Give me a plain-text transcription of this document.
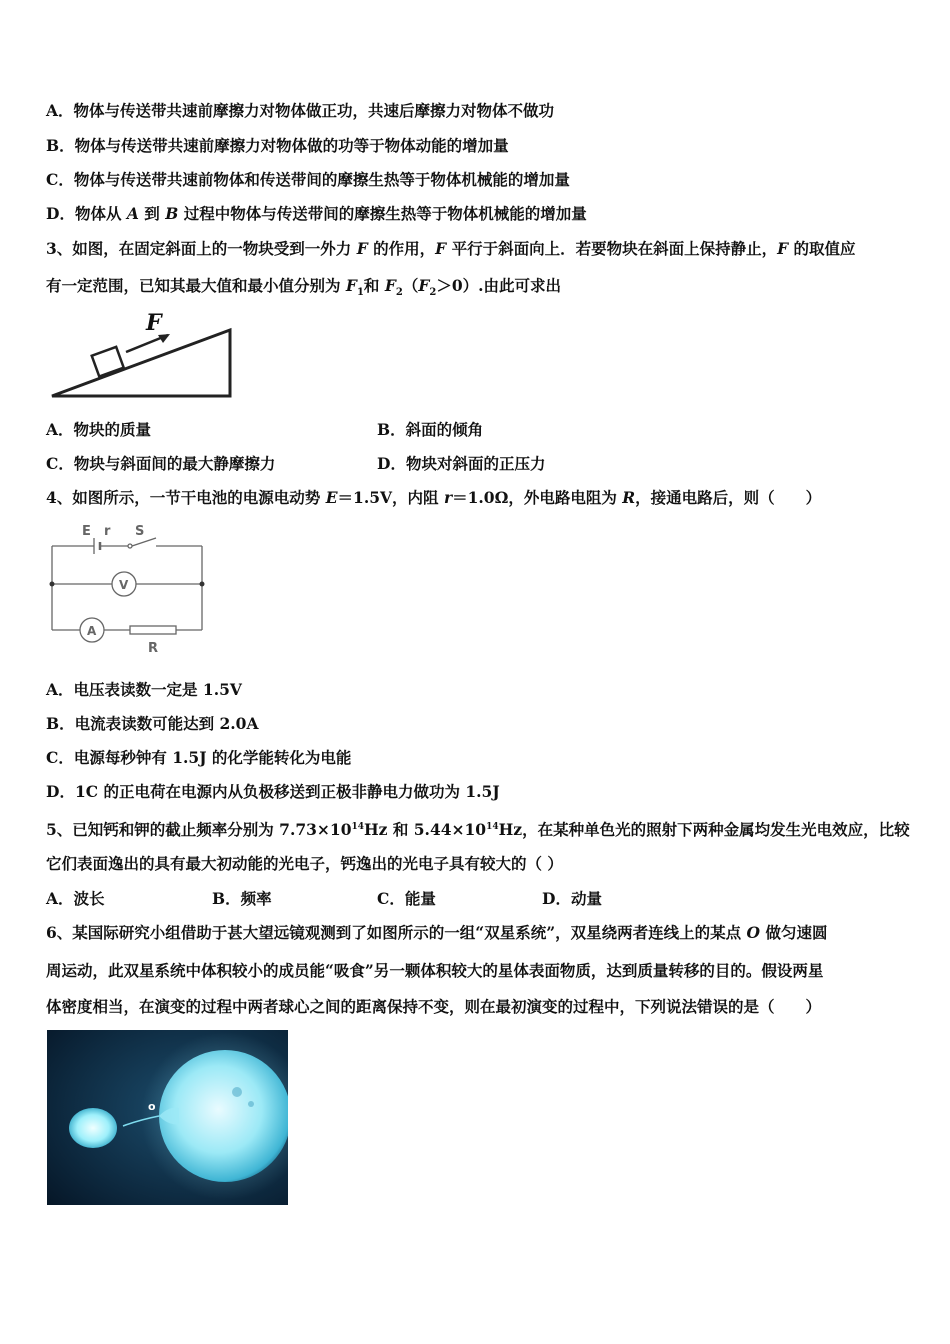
A．物体与传送带共速前摩擦力对物体做正功，共速后摩擦力对物体不做功
B．物体与传送带共速前摩擦力对物体做的功等于物体动能的增加量
C．物体与传送带共速前物体和传送带间的摩擦生热等于物体机械能的增加量
D．物体从 A 到 B 过程中物体与传送带间的摩擦生热等于物体机械能的增加量
3、如图，在固定斜面上的一物块受到一外力 F 的作用，F 平行于斜面向上．若要物块在斜面上保持静止，F 的取值应
有一定范围，已知其最大值和最小值分别为 $F_1$和 $F_2(F_2>0)$.由此可求出
F
A．物块的质量	B．斜面的倾角
C．物块与斜面间的最大静摩擦力	D．物块对斜面的正压力
4、如图所示，一节干电池的电源电动势 E＝1.5V，内阻 r＝1.0Ω，外电路电阻为 R，接通电路后，则（　　）
E r S
V
A
R
A．电压表读数一定是 1.5V
B．电流表读数可能达到 2.0A
C．电源每秒钟有 1.5J 的化学能转化为电能
D．1C 的正电荷在电源内从负极移送到正极非静电力做功为 1.5J
5、已知钙和钾的截止频率分别为 $7.73\times 10^{14}Hz$ 和 $5.44\times 10^{14}Hz$，在某种单色光的照射下两种金属均发生光电效应，比较
它们表面逸出的具有最大初动能的光电子，钙逸出的光电子具有较大的（ ）
A．波长	B．频率	C．能量	D．动量
6、某国际研究小组借助于甚大望远镜观测到了如图所示的一组“双星系统”，双星绕两者连线上的某点 O 做匀速圆
周运动，此双星系统中体积较小的成员能“吸食”另一颗体积较大的星体表面物质，达到质量转移的目的。假设两星
体密度相当，在演变的过程中两者球心之间的距离保持不变，则在最初演变的过程中，下列说法错误的是（　　）
o
